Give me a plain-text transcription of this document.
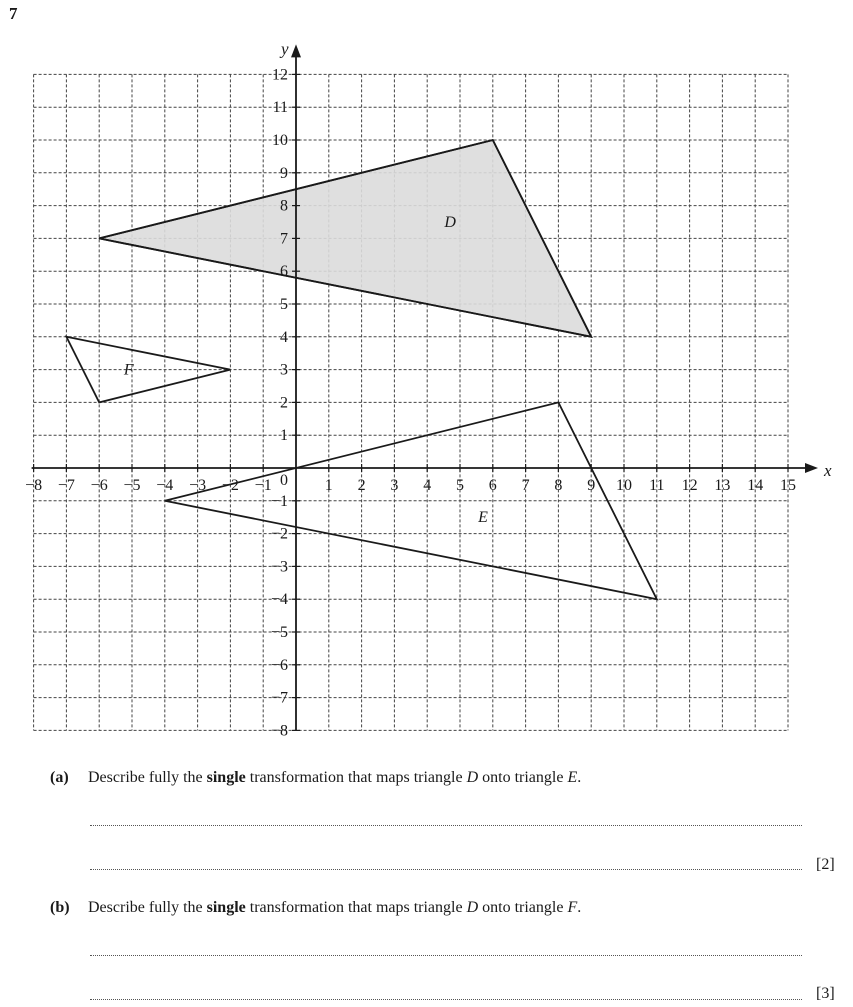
7
x
y
−8 −7 −6 −5 −4 −3 −2 −1	1 2 3 4 5 6 7 8 9 10 11 12 13 14 15
0
−8
−7
−6
−5
−4
−3
−2
−1
1
2
3
4
5
6
7
8
9
10
11
12
D
E
F
(a) Describe fully the single transformation that maps triangle D onto triangle E.
[2]
(b) Describe fully the single transformation that maps triangle D onto triangle F.
[3]
